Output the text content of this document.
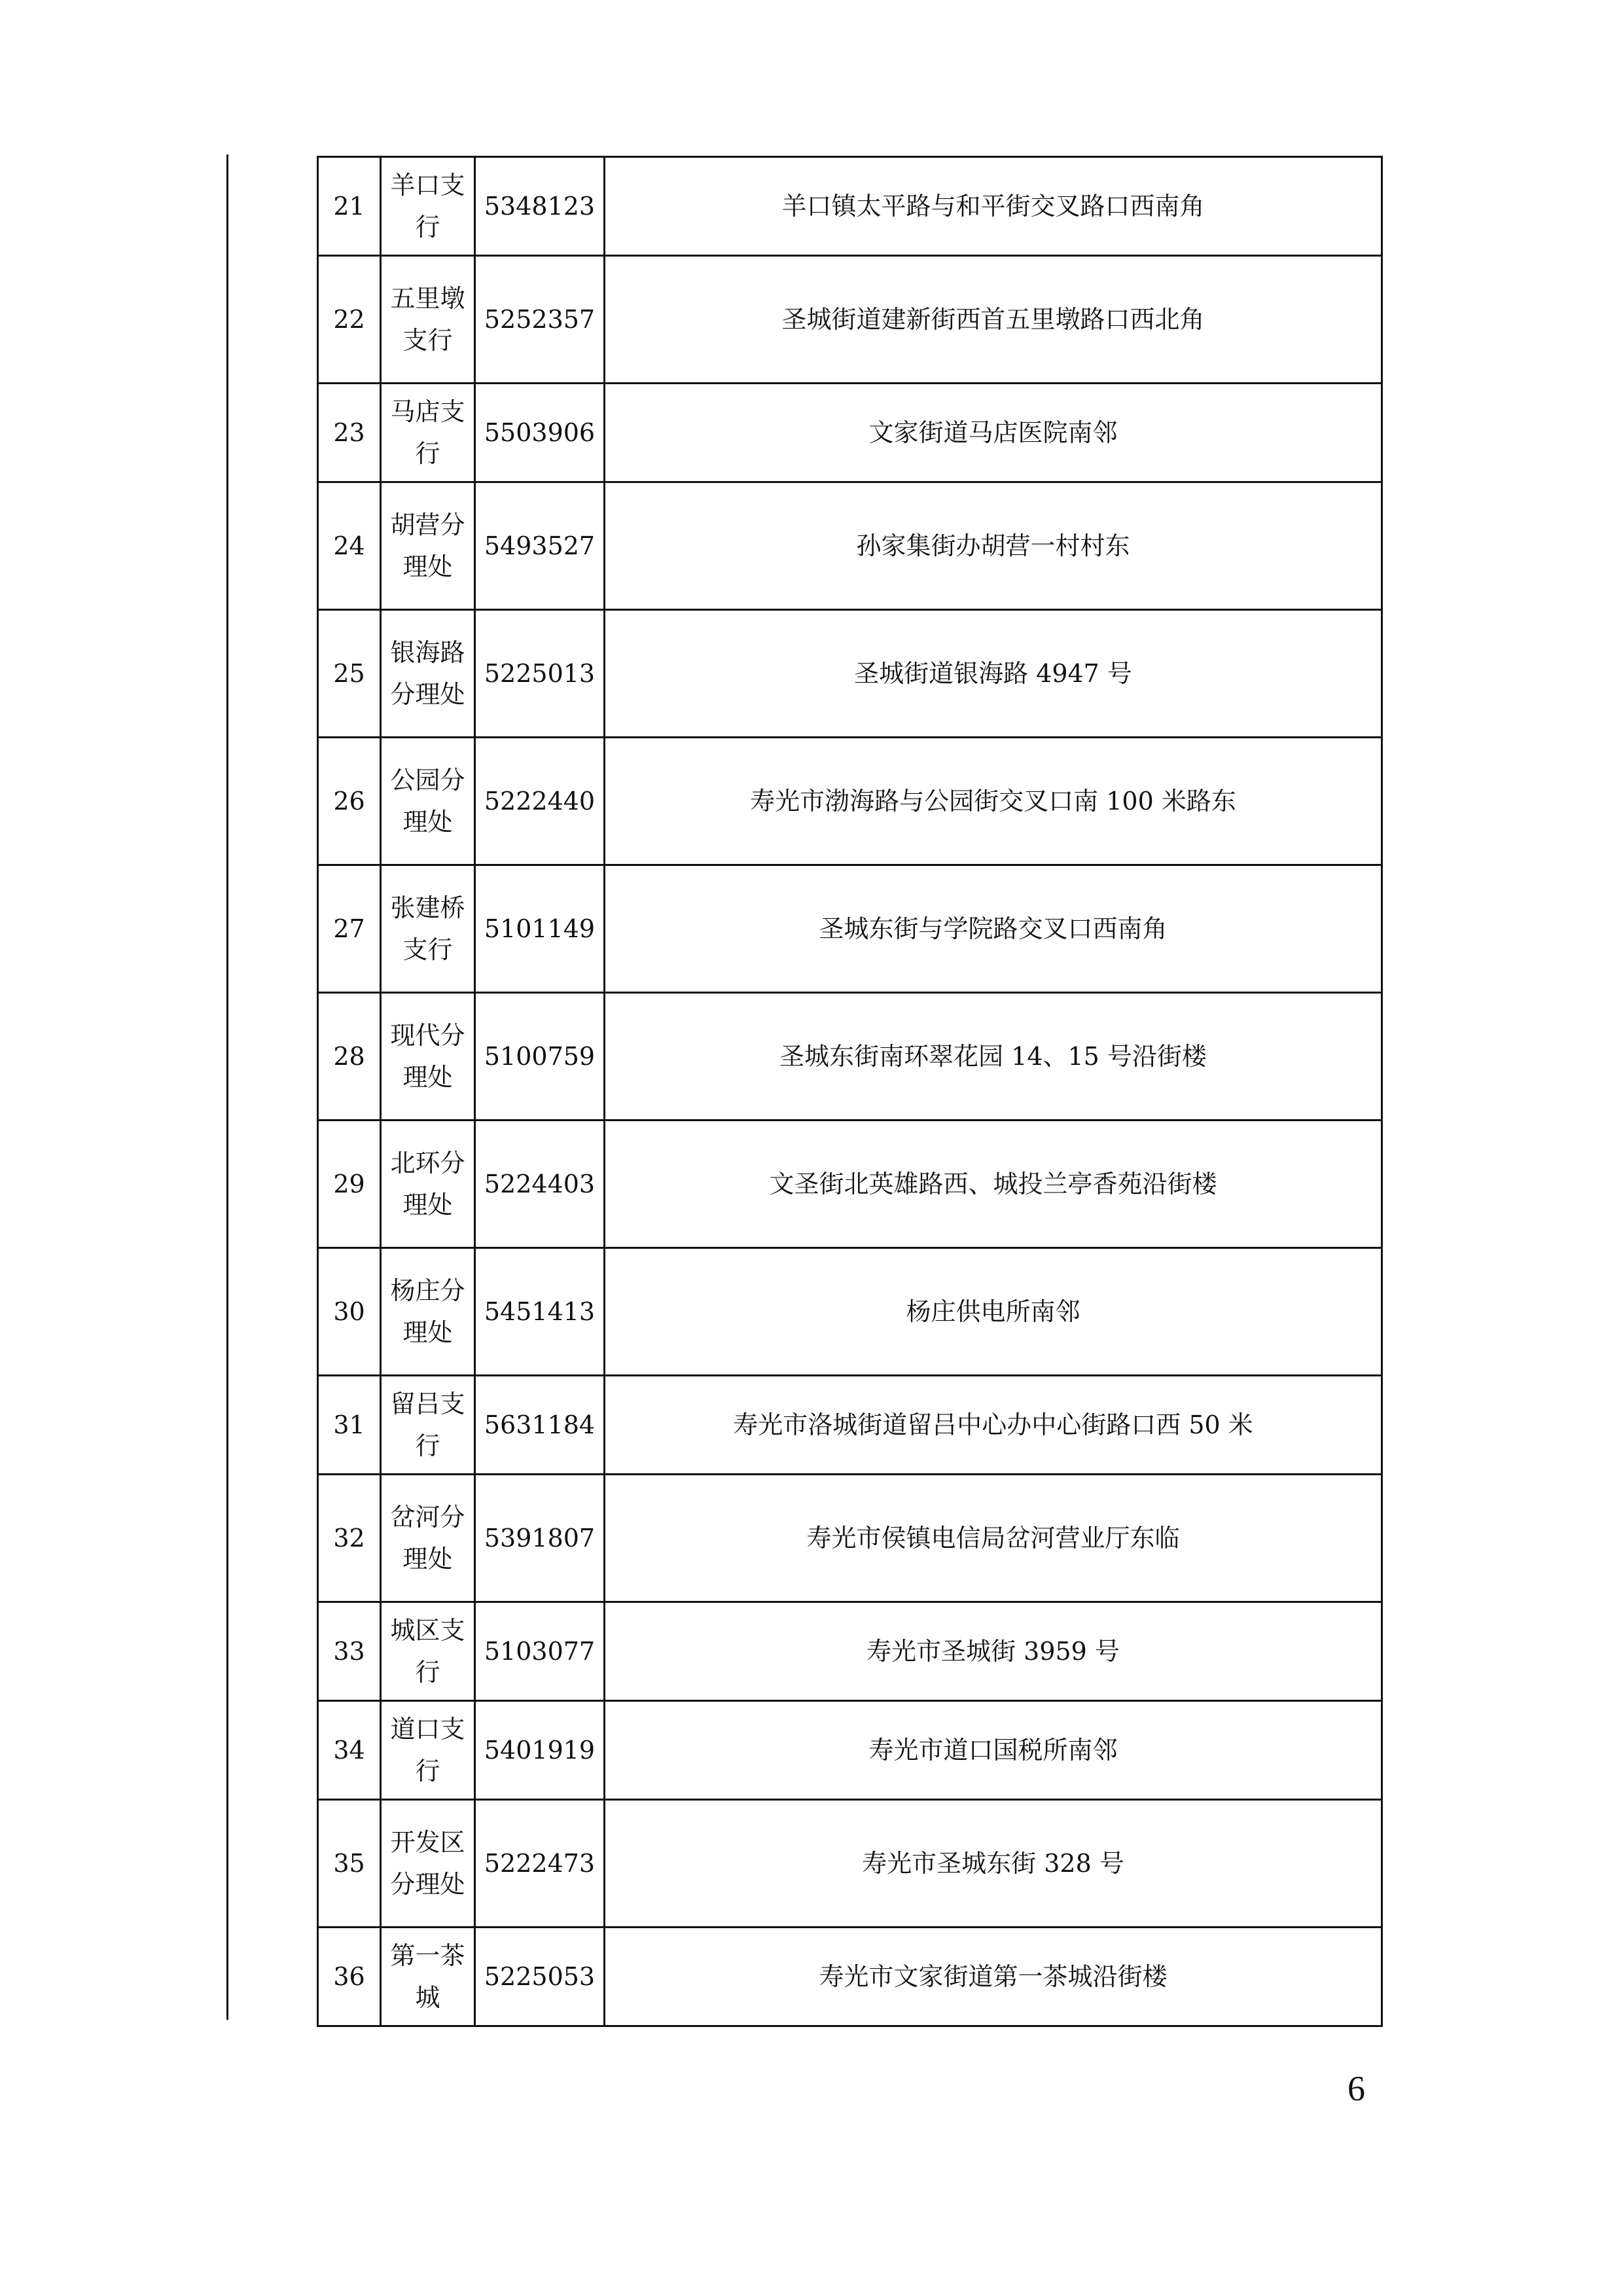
21	羊口支行	5348123	羊口镇太平路与和平街交叉路口西南角
22	五里墩支行	5252357	圣城街道建新街西首五里墩路口西北角
23	马店支行	5503906	文家街道马店医院南邻
24	胡营分理处	5493527	孙家集街办胡营一村村东
25	银海路分理处	5225013	圣城街道银海路 4947 号
26	公园分理处	5222440	寿光市渤海路与公园街交叉口南 100 米路东
27	张建桥支行	5101149	圣城东街与学院路交叉口西南角
28	现代分理处	5100759	圣城东街南环翠花园 14、15 号沿街楼
29	北环分理处	5224403	文圣街北英雄路西、城投兰亭香苑沿街楼
30	杨庄分理处	5451413	杨庄供电所南邻
31	留吕支行	5631184	寿光市洛城街道留吕中心办中心街路口西 50 米
32	岔河分理处	5391807	寿光市侯镇电信局岔河营业厅东临
33	城区支行	5103077	寿光市圣城街 3959 号
34	道口支行	5401919	寿光市道口国税所南邻
35	开发区分理处	5222473	寿光市圣城东街 328 号
36	第一茶城	5225053	寿光市文家街道第一茶城沿街楼
6
